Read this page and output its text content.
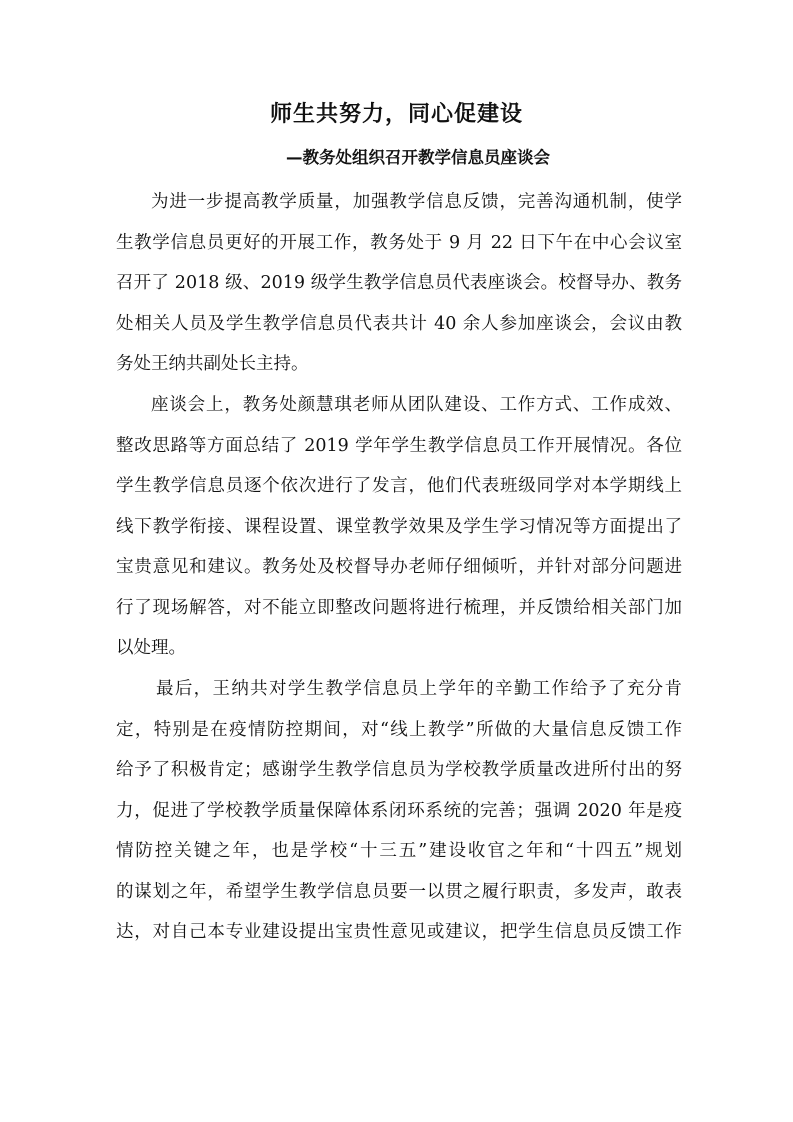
师生共努力，同心促建设
—教务处组织召开教学信息员座谈会
为进一步提高教学质量，加强教学信息反馈，完善沟通机制，使学
生教学信息员更好的开展工作，教务处于 9 月 22 日下午在中心会议室
召开了 2018 级、2019 级学生教学信息员代表座谈会。校督导办、教务
处相关人员及学生教学信息员代表共计 40 余人参加座谈会，会议由教
务处王纳共副处长主持。
座谈会上，教务处颜慧琪老师从团队建设、工作方式、工作成效、
整改思路等方面总结了 2019 学年学生教学信息员工作开展情况。各位
学生教学信息员逐个依次进行了发言，他们代表班级同学对本学期线上
线下教学衔接、课程设置、课堂教学效果及学生学习情况等方面提出了
宝贵意见和建议。教务处及校督导办老师仔细倾听，并针对部分问题进
行了现场解答，对不能立即整改问题将进行梳理，并反馈给相关部门加
以处理。
最后，王纳共对学生教学信息员上学年的辛勤工作给予了充分肯
定，特别是在疫情防控期间，对“线上教学”所做的大量信息反馈工作
给予了积极肯定；感谢学生教学信息员为学校教学质量改进所付出的努
力，促进了学校教学质量保障体系闭环系统的完善；强调 2020 年是疫
情防控关键之年，也是学校“十三五”建设收官之年和“十四五”规划
的谋划之年，希望学生教学信息员要一以贯之履行职责，多发声，敢表
达，对自己本专业建设提出宝贵性意见或建议，把学生信息员反馈工作
